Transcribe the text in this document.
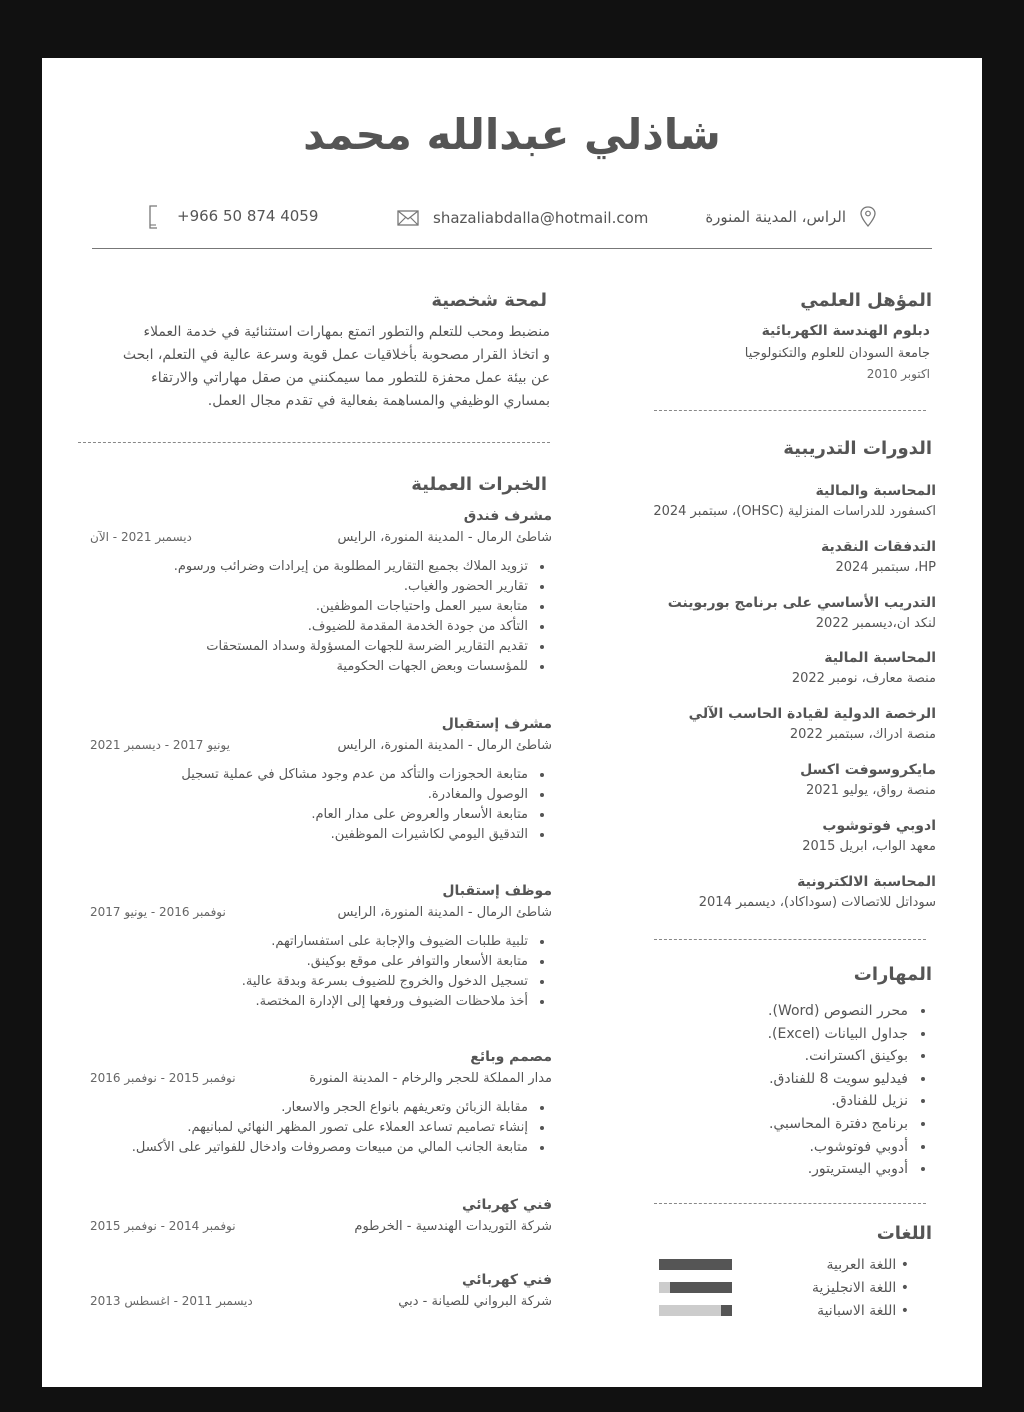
شاذلي عبدالله محمد
الراس، المدينة المنورة
shazaliabdalla@hotmail.com
+966 50 874 4059
المؤهل العلمي
دبلوم الهندسة الكهربائية
جامعة السودان للعلوم والتكنولوجيا
اكتوبر 2010
الدورات التدريبية
المحاسبة والمالية
اكسفورد للدراسات المنزلية (OHSC)، سبتمبر 2024
التدفقات النقدية
HP، سبتمبر 2024
التدريب الأساسي على برنامج بوربوينت
لنكد ان،ديسمبر 2022
المحاسبة المالية
منصة معارف، نومبر 2022
الرخصة الدولية لقيادة الحاسب الآلي
منصة ادراك، سبتمبر 2022
مايكروسوفت اكسل
منصة رواق، يوليو 2021
ادوبي فوتوشوب
معهد الواب، ابريل 2015
المحاسبة الالكترونية
سوداتل للاتصالات (سوداكاد)، ديسمبر 2014
المهارات
• محرر النصوص (Word).
• جداول البيانات (Excel).
• بوكينق اكسترانت.
• فيدليو سويت 8 للفنادق.
• نزيل للفنادق.
• برنامج دفترة المحاسبي.
• أدوبي فوتوشوب.
• أدوبي اليستريتور.
اللغات
• اللغة العربية
• اللغة الانجليزية
• اللغة الاسبانية
لمحة شخصية
منضبط ومحب للتعلم والتطور اتمتع بمهارات استثنائية في خدمة العملاء
و اتخاذ القرار مصحوبة بأخلاقيات عمل قوية وسرعة عالية في التعلم، ابحث
عن بيئة عمل محفزة للتطور مما سيمكنني من صقل مهاراتي والارتقاء
بمساري الوظيفي والمساهمة بفعالية في تقدم مجال العمل.
الخبرات العملية
مشرف فندق
ديسمبر 2021 - الآن	شاطئ الرمال - المدينة المنورة، الرايس
• تزويد الملاك بجميع التقارير المطلوبة من إيرادات وضرائب ورسوم.
• تقارير الحضور والغياب.
• متابعة سير العمل واحتياجات الموظفين.
• التأكد من جودة الخدمة المقدمة للضيوف.
• تقديم التقارير الضرسة للجهات المسؤولة وسداد المستحقات
• للمؤسسات وبعض الجهات الحكومية
مشرف إستقبال
يونيو 2017 - ديسمبر 2021	شاطئ الرمال - المدينة المنورة، الرايس
• متابعة الحجوزات والتأكد من عدم وجود مشاكل في عملية تسجيل
• الوصول والمغادرة.
• متابعة الأسعار والعروض على مدار العام.
• التدقيق اليومي لكاشيرات الموظفين.
موظف إستقبال
نوفمبر 2016 - يونيو 2017	شاطئ الرمال - المدينة المنورة، الرايس
• تلبية طلبات الضيوف والإجابة على استفساراتهم.
• متابعة الأسعار والتوافر على موقع بوكينق.
• تسجيل الدخول والخروج للضيوف بسرعة وبدقة عالية.
• أخذ ملاحظات الضيوف ورفعها إلى الإدارة المختصة.
مصمم وبائع
نوفمبر 2015 - نوفمبر 2016	مدار المملكة للحجر والرخام - المدينة المنورة
• مقابلة الزبائن وتعريفهم بانواع الحجر والاسعار.
• إنشاء تصاميم تساعد العملاء على تصور المظهر النهائي لمبانيهم.
• متابعة الجانب المالي من مبيعات ومصروفات وادخال للفواتير على الأكسل.
فني كهربائي
نوفمبر 2014 - نوفمبر 2015	شركة التوريدات الهندسية - الخرطوم
فني كهربائي
ديسمبر 2011 - اغسطس 2013	شركة البرواني للصيانة - دبي
